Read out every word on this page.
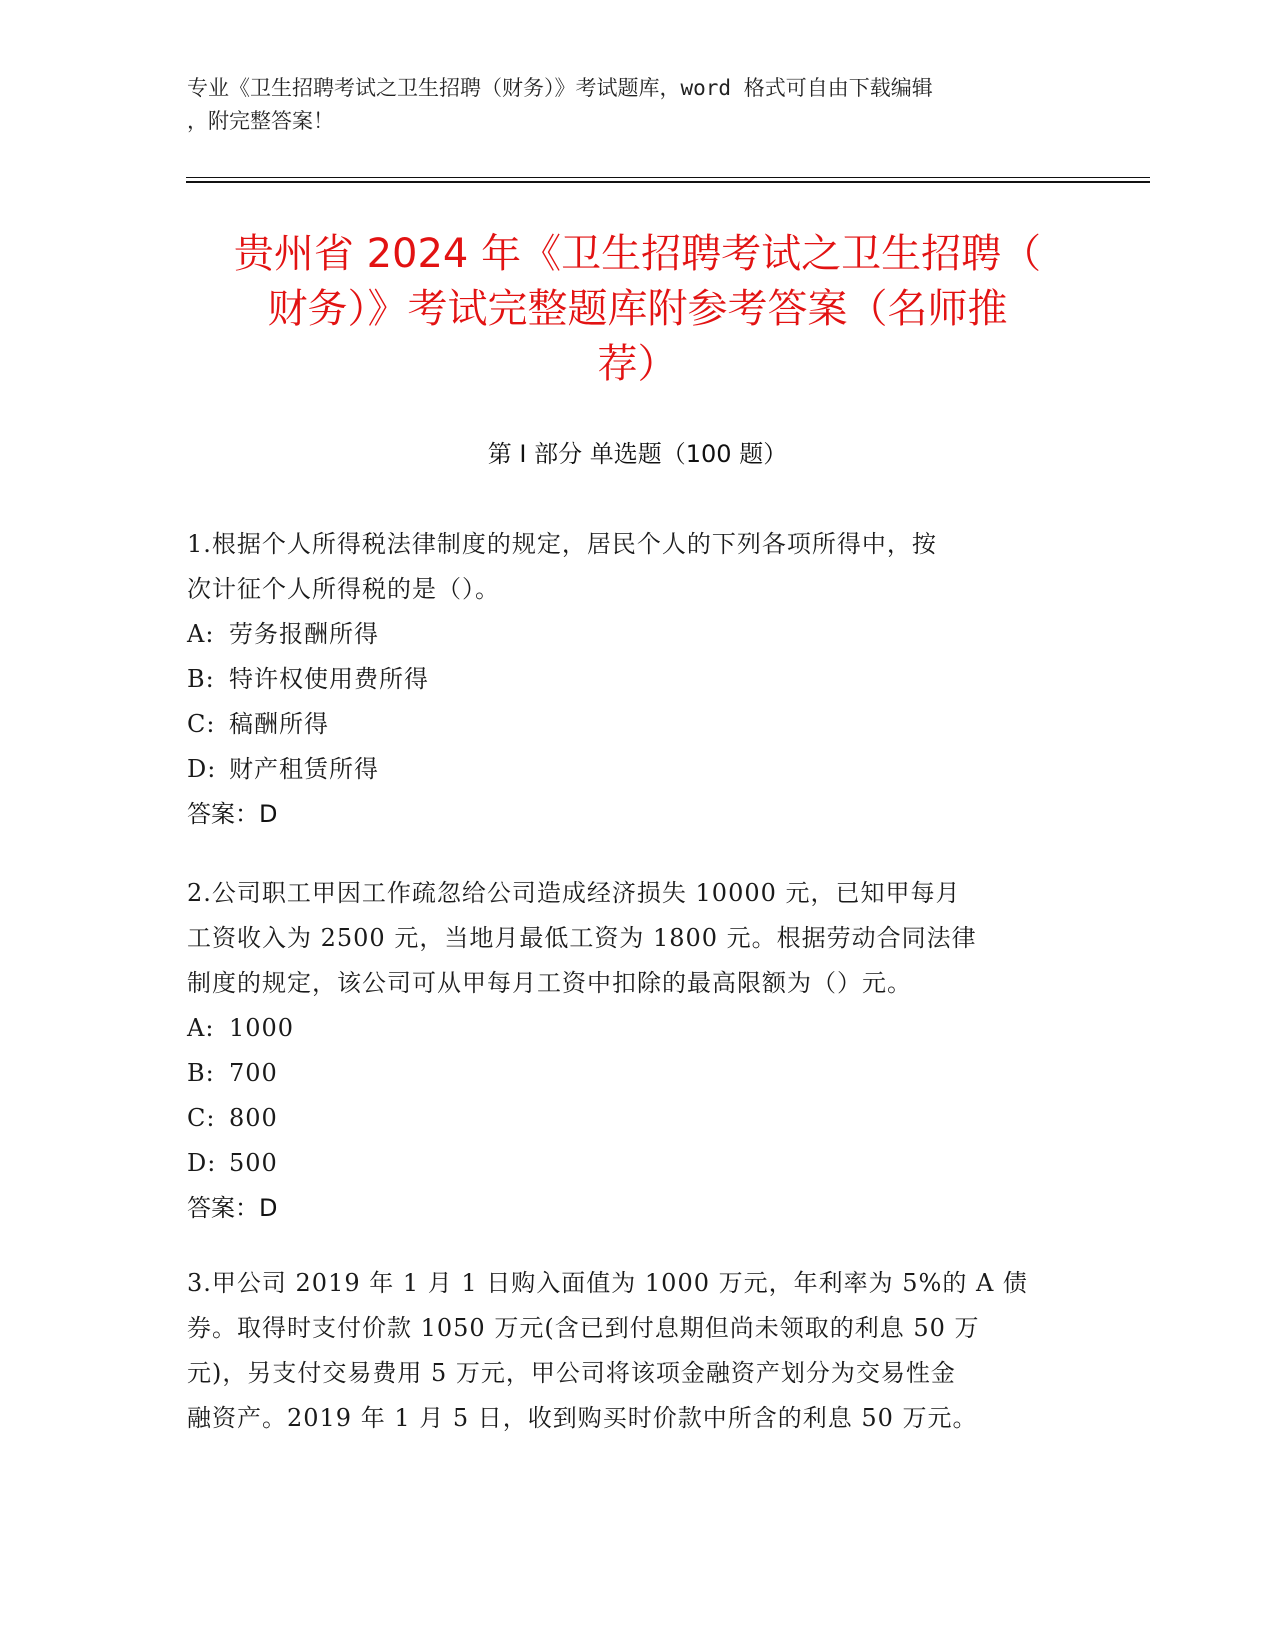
专业《卫生招聘考试之卫生招聘（财务）》考试题库，word 格式可自由下载编辑
，附完整答案！
贵州省 2024 年《卫生招聘考试之卫生招聘（
财务）》考试完整题库附参考答案（名师推
荐）
第 I 部分 单选题（100 题）

1.根据个人所得税法律制度的规定，居民个人的下列各项所得中，按

次计征个人所得税的是（）。

A: 劳务报酬所得

B: 特许权使用费所得

C: 稿酬所得

D: 财产租赁所得

答案：D

2.公司职工甲因工作疏忽给公司造成经济损失 10000 元，已知甲每月

工资收入为 2500 元，当地月最低工资为 1800 元。根据劳动合同法律

制度的规定，该公司可从甲每月工资中扣除的最高限额为（）元。

A: 1000

B: 700

C: 800

D: 500

答案：D

3.甲公司 2019 年 1 月 1 日购入面值为 1000 万元，年利率为 5%的 A 债

券。取得时支付价款 1050 万元(含已到付息期但尚未领取的利息 50 万

元)，另支付交易费用 5 万元，甲公司将该项金融资产划分为交易性金

融资产。2019 年 1 月 5 日，收到购买时价款中所含的利息 50 万元。
